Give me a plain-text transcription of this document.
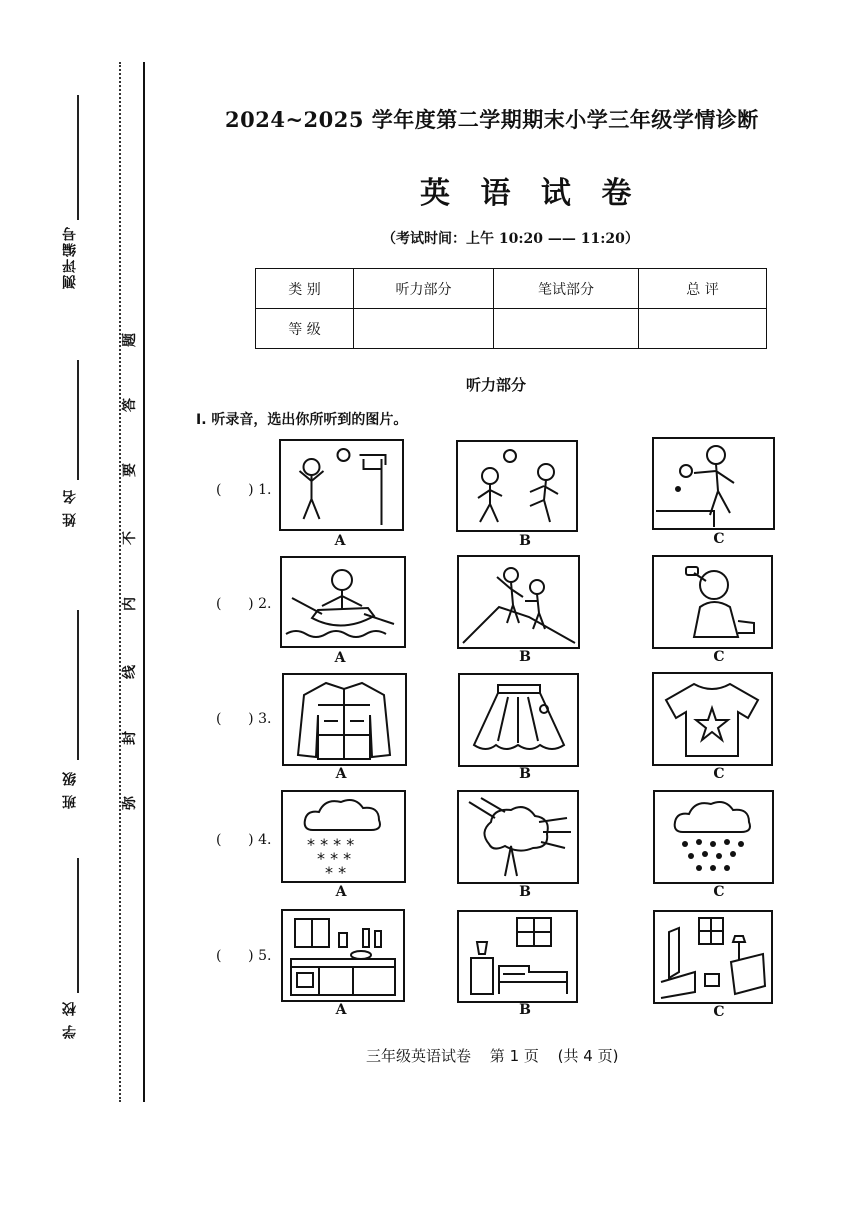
测评编号
姓 名
班 级
学 校
题
答
要
不
内
线
封
弥
2024~2025 学年度第二学期期末小学三年级学情诊断
英 语 试 卷
（考试时间：上午 10:20 —— 11:20）
类 别	听力部分	笔试部分	总 评
等 级			
听力部分
Ⅰ. 听录音，选出你所听到的图片。
(      ) 1.
A	B	C
(      ) 2.
A	B	C
(      ) 3.
A	B	C
(      ) 4. * * * *
* * *
* *
A	B	C
(      ) 5.
A	B	C
三年级英语试卷 第 1 页 (共 4 页)
